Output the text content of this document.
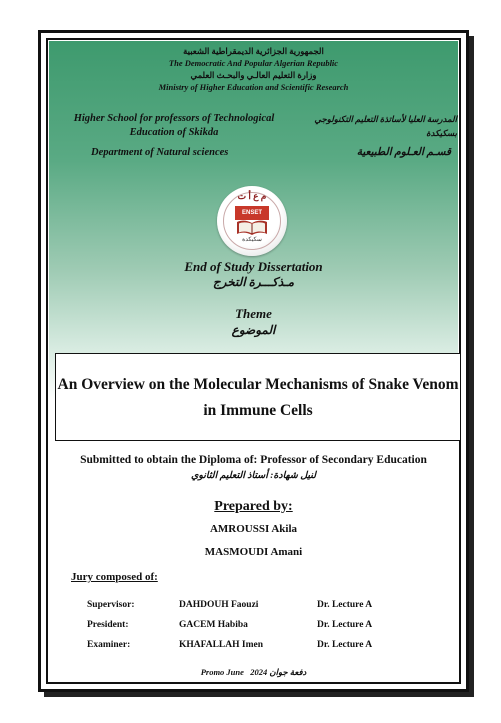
الجمهورية الجزائرية الديمقراطية الشعبية
The Democratic And Popular Algerian Republic
وزارة التعليم العالـي والبحـث العلمي
Ministry of Higher Education and Scientific Research
Higher School for professors of Technological Education of Skikda
المدرسة العليا لأساتذة التعليم التكنولوجي بسكيكدة
Department of Natural sciences	قسـم العـلوم الطبيعية
م ع أ ت
ENSET
سكيكدة
End of Study Dissertation
مـذكـــرة التخرج
Theme
الموضوع
An Overview on the Molecular Mechanisms of Snake Venom in Immune Cells
Submitted to obtain the Diploma of: Professor of Secondary Education
لنيل شهادة: أستاذ التعليم الثانوي
Prepared by:
AMROUSSI Akila
MASMOUDI Amani
Jury composed of:
Supervisor:	DAHDOUH Faouzi	Dr. Lecture A
President:	GACEM Habiba	Dr. Lecture A
Examiner:	KHAFALLAH Imen	Dr. Lecture A
Promo June 2024 دفعة جوان
